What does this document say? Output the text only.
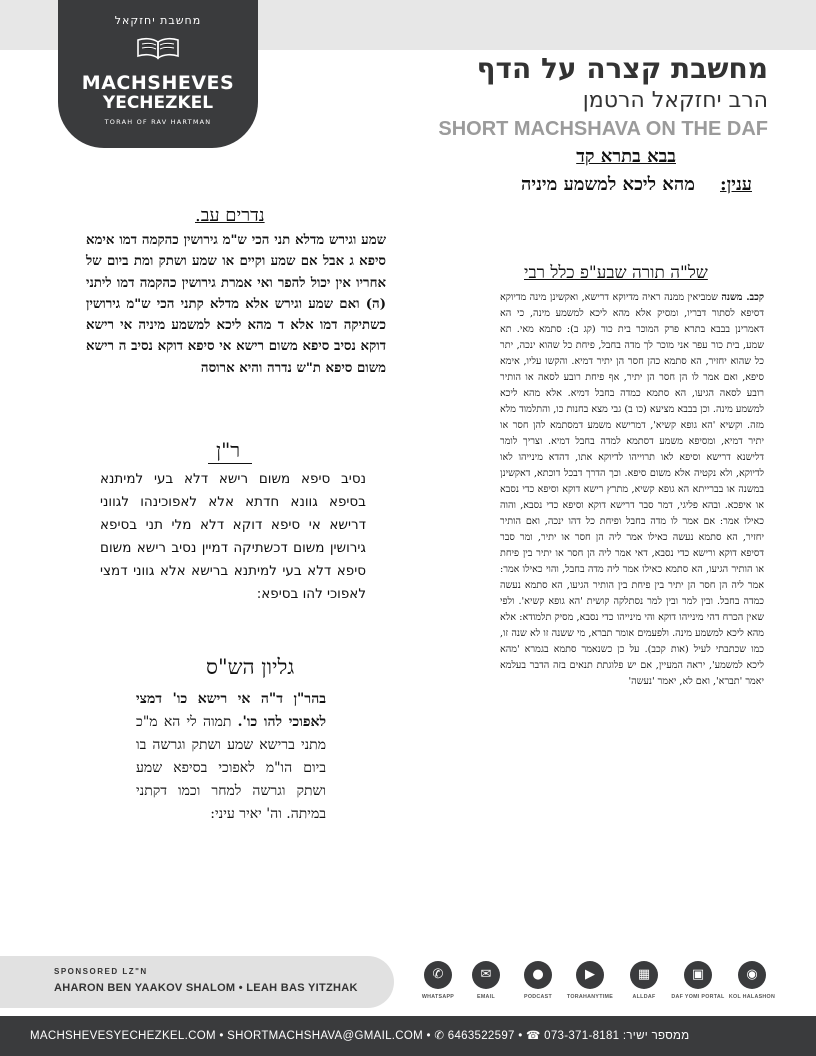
מחשבת יחזקאל
MACHSHEVES
YECHEZKEL
TORAH OF RAV HARTMAN
מחשבת קצרה על הדף
הרב יחזקאל הרטמן
SHORT MACHSHAVA ON THE DAF
בבא בתרא קד
ענין:    מהא ליכא למשמע מיניה
נדרים עב.
שמע וגירש מדלא תני הכי ש"מ גירושין כהקמה דמו אימא סיפא ג אבל אם שמע וקיים או שמע ושתק ומת ביום של אחריו אין יכול להפר ואי אמרת גירושין כהקמה דמו ליתני (ה) ואם שמע וגירש אלא מדלא קתני הכי ש"מ גירושין כשתיקה דמו אלא ד מהא ליכא למשמע מיניה אי רישא דוקא נסיב סיפא משום רישא אי סיפא דוקא נסיב ה רישא משום סיפא ת"ש נדרה והיא ארוסה
ר"ן
נסיב סיפא משום רישא דלא בעי למיתנא בסיפא גוונא חדתא אלא לאפוכינהו לגווני דרישא אי סיפא דוקא דלא מלי תני בסיפא גירושין משום דכשתיקה דמיין נסיב רישא משום סיפא דלא בעי למיתנא ברישא אלא גווני דמצי לאפוכי להו בסיפא:
גליון הש"ס
בהר"ן ד"ה אי רישא כו' דמצי לאפוכי להו כו'. תמוה לי הא מ"כ מתני ברישא שמע ושתק וגרשה בו ביום הו"מ לאפוכי בסיפא שמע ושתק וגרשה למחר וכמו דקתני במיתה. וה' יאיר עיני:
של"ה תורה שבע"פ כלל רבי
קכב. משנה שמביאין ממנה ראיה מדיוקא דרישא, ואקשינן מינה מדיוקא דסיפא לסתור דבריו, ומסיק אלא מהא ליכא למשמע מינה, כי הא דאמרינן בבבא בתרא פרק המוכר בית כור (קג ב): סתמא מאי. תא שמע, בית כור עפר אני מוכר לך מדה בחבל, פיחת כל שהוא ינכה, יתר כל שהוא יחזיר, הא סתמא כהן חסר הן יתיר דמיא. והקשו עליו, אימא סיפא, ואם אמר לו הן חסר הן יתיר, אף פיחת רובע לסאה או הותיר רובע לסאה הגיעו, הא סתמא כמדה בחבל דמיא. אלא מהא ליכא למשמע מינה. וכן בבבא מציעא (כו ב) גבי מצא בחנות כו, והתלמוד מלא מזה. וקשיא 'הא גופא קשיא', דמרישא משמע דמסתמא להן חסר או יתיר דמיא, ומסיפא משמע דסתמא למדה בחבל דמיא. וצריך לומר דלישנא דרישא וסיפא לאו תרוייהו לדיוקא אתו, דהדא מינייהו לאו לדיוקא, ולא נקטיה אלא משום סיפא. וכך הדרך דבכל דוכתא, דאקשינן במשנה או בברייתא הא גופא קשיא, מתרץ רישא דוקא וסיפא כדי נסבא או איפכא. ובהא פליגי, דמר סבר דרישא דוקא וסיפא כדי נסבא, והוה כאילו אמר: אם אמר לו מדה בחבל ופיחת כל דהו ינכה, ואם הותיר יחזיר, הא סתמא נעשה כאילו אמר ליה הן חסר או יתיר, ומר סבר דסיפא דוקא ורישא כדי נסבא, דאי אמר ליה הן חסר או יתיר בין פיחת או הותיר הגיעו, הא סתמא כאילו אמר ליה מדה בחבל, והוי כאילו אמר: אמר ליה הן חסר הן יתיר בין פיחת בין הותיר הגיעו, הא סתמא נעשה כמדה בחבל. ובין למר ובין למר נסתלקה קושית 'הא גופא קשיא'. ולפי שאין הכרח דהי מינייהו דוקא והי מינייהו כדי נסבא, מסיק תלמודא: אלא מהא ליכא למשמע מינה. ולפעמים אומר תברא, מי ששנה זו לא שנה זו, כמו שכתבתי לעיל (אות קכב). על כן כשנאמר סתמא בגמרא 'מהא ליכא למשמע', יראה המעיין, אם יש פלוגתת תנאים בזה הדבר בעלמא יאמר 'תברא', ואם לא, יאמר 'נעשה'
SPONSORED LZ"N
AHARON BEN YAAKOV SHALOM • LEAH BAS YITZHAK
✆
WHATSAPP
✉
EMAIL
●
PODCAST
▶
TORAHANYTIME
▦
ALLDAF
▣
DAF YOMI PORTAL
◉
KOL HALASHON
MACHSHEVESYECHEZKEL.COM • SHORTMACHSHAVA@GMAIL.COM • ✆ 6463522597 • ☎ 073-371-8181 :ממספר ישיר
